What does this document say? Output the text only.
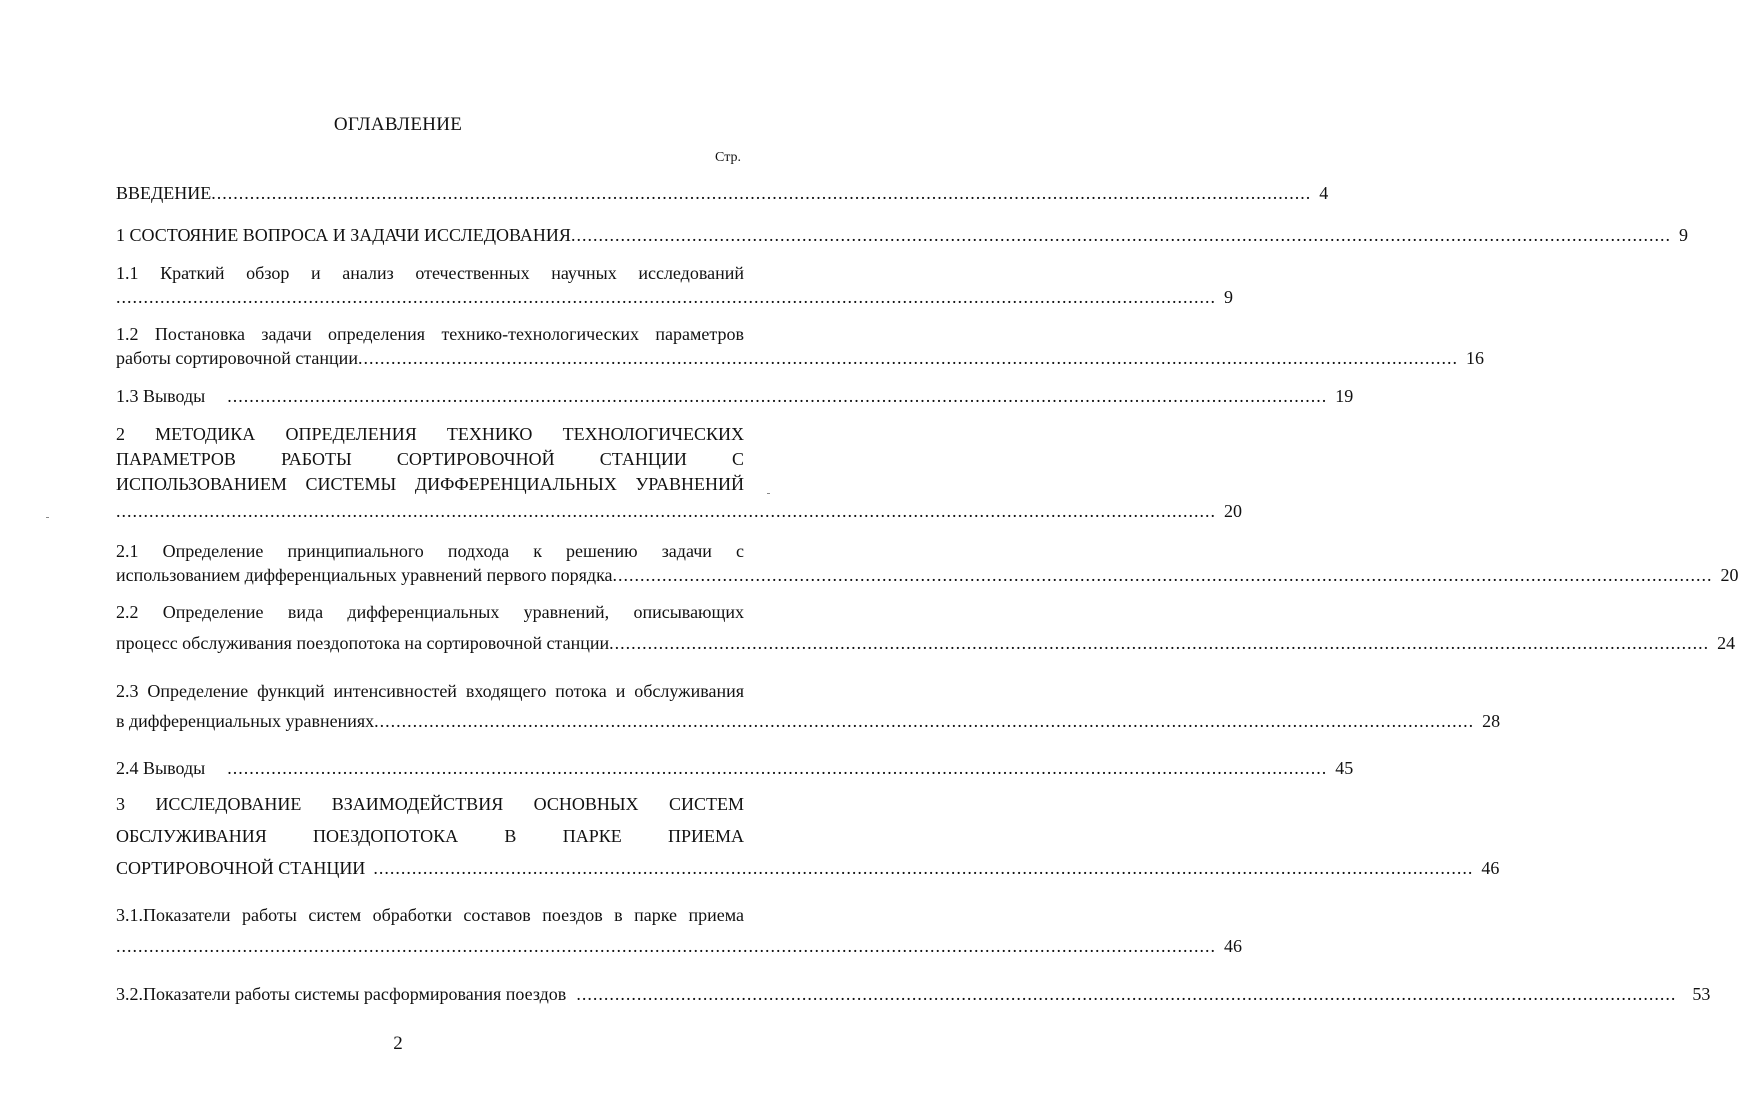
ОГЛАВЛЕНИЕ
Стр.
ВВЕДЕНИЕ ........................................................................................................................................................................................................ 4
1 СОСТОЯНИЕ ВОПРОСА И ЗАДАЧИ ИССЛЕДОВАНИЯ ........................................................................................................................................................................................................ 9
1.1 Краткий обзор и анализ отечественных научных исследований
........................................................................................................................................................................................................ 9
1.2 Постановка задачи определения технико-технологических параметров
работы сортировочной станции ........................................................................................................................................................................................................ 16
1.3 Выводы	........................................................................................................................................................................................................ 19
2 МЕТОДИКА ОПРЕДЕЛЕНИЯ ТЕХНИКО ТЕХНОЛОГИЧЕСКИХ
ПАРАМЕТРОВ РАБОТЫ СОРТИРОВОЧНОЙ СТАНЦИИ С
ИСПОЛЬЗОВАНИЕМ СИСТЕМЫ ДИФФЕРЕНЦИАЛЬНЫХ УРАВНЕНИЙ
........................................................................................................................................................................................................ 20
2.1 Определение принципиального подхода к решению задачи с
использованием дифференциальных уравнений первого порядка ........................................................................................................................................................................................................ 20
2.2 Определение вида дифференциальных уравнений, описывающих
процесс обслуживания поездопотока на сортировочной станции ........................................................................................................................................................................................................ 24
2.3 Определение функций интенсивностей входящего потока и обслуживания
в дифференциальных уравнениях ........................................................................................................................................................................................................ 28
2.4 Выводы	........................................................................................................................................................................................................ 45
3 ИССЛЕДОВАНИЕ ВЗАИМОДЕЙСТВИЯ ОСНОВНЫХ СИСТЕМ
ОБСЛУЖИВАНИЯ ПОЕЗДОПОТОКА В ПАРКЕ ПРИЕМА
СОРТИРОВОЧНОЙ СТАНЦИИ ........................................................................................................................................................................................................ 46
3.1.Показатели работы систем обработки составов поездов в парке приема
........................................................................................................................................................................................................ 46
3.2.Показатели работы системы расформирования поездов ........................................................................................................................................................................................................ 53
2
